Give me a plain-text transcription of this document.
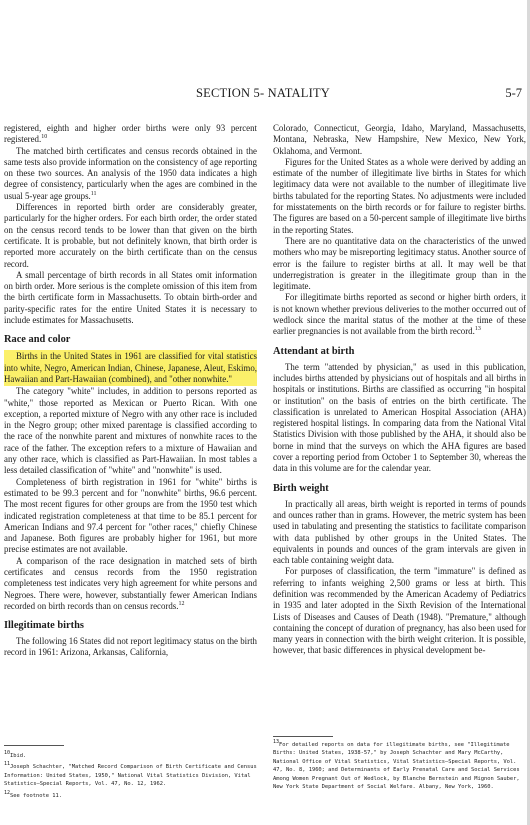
SECTION 5- NATALITY	5-7

registered, eighth and higher order births were only 93 percent registered.$^{10}$

The matched birth certificates and census records obtained in the same tests also provide information on the consistency of age reporting on these two sources. An analysis of the 1950 data indicates a high degree of consistency, particularly when the ages are combined in the usual 5-year age groups.$^{11}$

Differences in reported birth order are considerably greater, particularly for the higher orders. For each birth order, the order stated on the census record tends to be lower than that given on the birth certificate. It is probable, but not definitely known, that birth order is reported more accurately on the birth certificate than on the census record.

A small percentage of birth records in all States omit information on birth order. More serious is the complete omission of this item from the birth certificate form in Massachusetts. To obtain birth-order and parity-specific rates for the entire United States it is necessary to include estimates for Massachusetts.

Race and color

Births in the United States in 1961 are classified for vital statistics into white, Negro, American Indian, Chinese, Japanese, Aleut, Eskimo, Hawaiian and Part-Hawaiian (combined), and "other nonwhite."

The category "white" includes, in addition to persons reported as "white," those reported as Mexican or Puerto Rican. With one exception, a reported mixture of Negro with any other race is included in the Negro group; other mixed parentage is classified according to the race of the nonwhite parent and mixtures of nonwhite races to the race of the father. The exception refers to a mixture of Hawaiian and any other race, which is classified as Part-Hawaiian. In most tables a less detailed classification of "white" and "nonwhite" is used.

Completeness of birth registration in 1961 for "white" births is estimated to be 99.3 percent and for "nonwhite" births, 96.6 percent. The most recent figures for other groups are from the 1950 test which indicated registration completeness at that time to be 85.1 percent for American Indians and 97.4 percent for "other races," chiefly Chinese and Japanese. Both figures are probably higher for 1961, but more precise estimates are not available.

A comparison of the race designation in matched sets of birth certificates and census records from the 1950 registration completeness test indicates very high agreement for white persons and Negroes. There were, however, substantially fewer American Indians recorded on birth records than on census records.$^{12}$

Illegitimate births

The following 16 States did not report legitimacy status on the birth record in 1961: Arizona, Arkansas, California,

Colorado, Connecticut, Georgia, Idaho, Maryland, Massachusetts, Montana, Nebraska, New Hampshire, New Mexico, New York, Oklahoma, and Vermont.

Figures for the United States as a whole were derived by adding an estimate of the number of illegitimate live births in States for which legitimacy data were not available to the number of illegitimate live births tabulated for the reporting States. No adjustments were included for misstatements on the birth records or for failure to register births. The figures are based on a 50-percent sample of illegitimate live births in the reporting States.

There are no quantitative data on the characteristics of the unwed mothers who may be misreporting legitimacy status. Another source of error is the failure to register births at all. It may well be that underregistration is greater in the illegitimate group than in the legitimate.

For illegitimate births reported as second or higher birth orders, it is not known whether previous deliveries to the mother occurred out of wedlock since the marital status of the mother at the time of these earlier pregnancies is not available from the birth record.$^{13}$

Attendant at birth

The term "attended by physician," as used in this publication, includes births attended by physicians out of hospitals and all births in hospitals or institutions. Births are classified as occurring "in hospital or institution" on the basis of entries on the birth certificate. The classification is unrelated to American Hospital Association (AHA) registered hospital listings. In comparing data from the National Vital Statistics Division with those published by the AHA, it should also be borne in mind that the surveys on which the AHA figures are based cover a reporting period from October 1 to September 30, whereas the data in this volume are for the calendar year.

Birth weight

In practically all areas, birth weight is reported in terms of pounds and ounces rather than in grams. However, the metric system has been used in tabulating and presenting the statistics to facilitate comparison with data published by other groups in the United States. The equivalents in pounds and ounces of the gram intervals are given in each table containing weight data.

For purposes of classification, the term "immature" is defined as referring to infants weighing 2,500 grams or less at birth. This definition was recommended by the American Academy of Pediatrics in 1935 and later adopted in the Sixth Revision of the International Lists of Diseases and Causes of Death (1948). "Premature," although containing the concept of duration of pregnancy, has also been used for many years in connection with the birth weight criterion. It is possible, however, that basic differences in physical development be-

10Ibid.

11Joseph Schachter, "Matched Record Comparison of Birth Certificate and Census Information: United States, 1950," National Vital Statistics Division, Vital Statistics—Special Reports, Vol. 47, No. 12, 1962.

12See footnote 11.

13For detailed reports on data for illegitimate births, see "Illegitimate Births: United States, 1938-57," by Joseph Schachter and Mary McCarthy, National Office of Vital Statistics, Vital Statistics—Special Reports, Vol. 47, No. 8, 1960; and Determinants of Early Prenatal Care and Social Services Among Women Pregnant Out of Wedlock, by Blanche Bernstein and Mignon Sauber, New York State Department of Social Welfare. Albany, New York, 1960.
